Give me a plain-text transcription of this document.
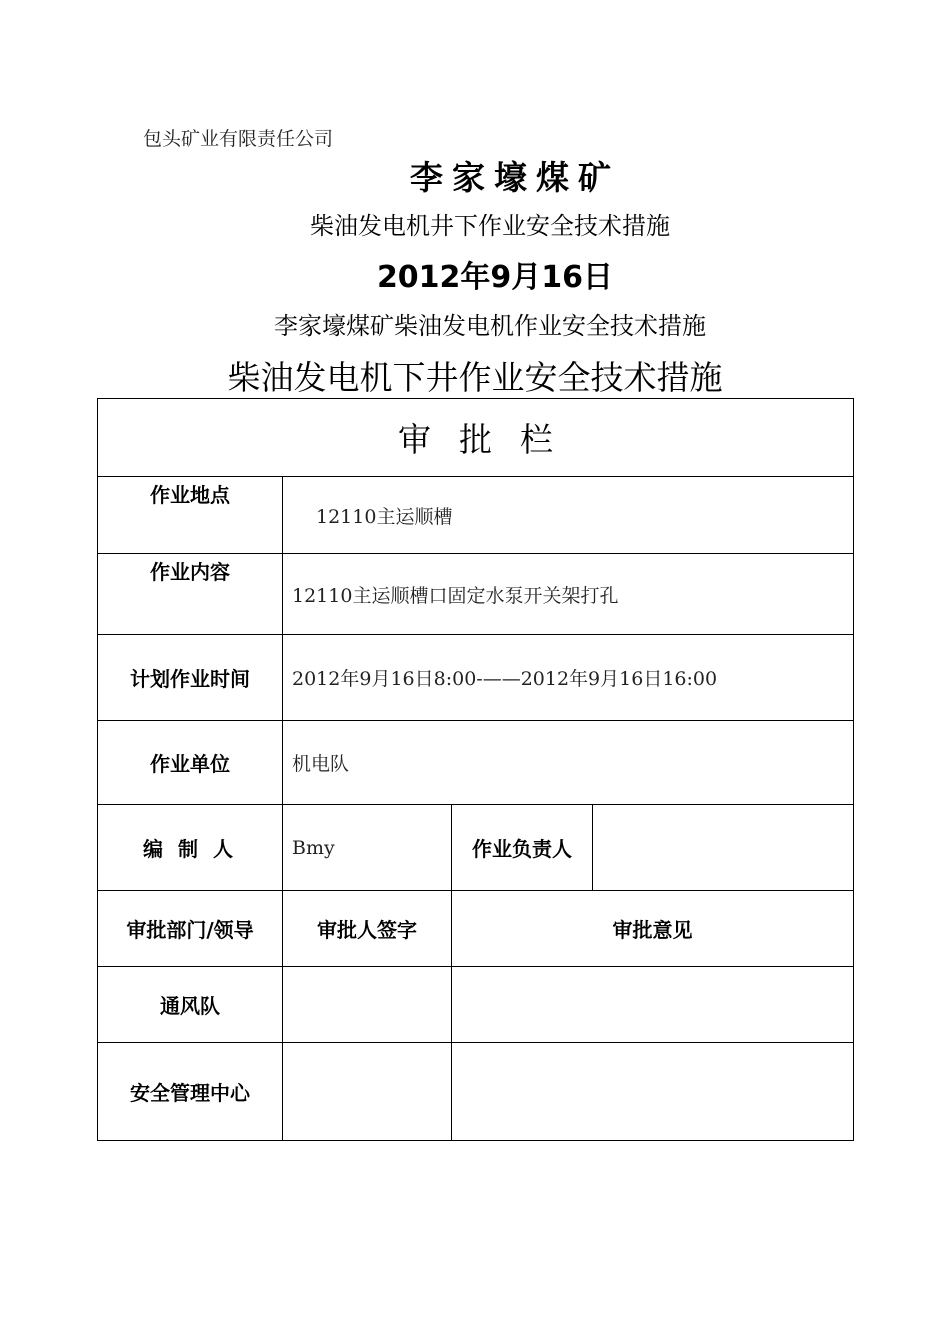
包头矿业有限责任公司
李家壕煤矿
柴油发电机井下作业安全技术措施
2012年9月16日
李家壕煤矿柴油发电机作业安全技术措施
柴油发电机下井作业安全技术措施
审批栏			
作业地点	12110主运顺槽		
作业内容	12110主运顺槽口固定水泵开关架打孔		
计划作业时间	2012年9月16日8:00-——2012年9月16日16:00		
作业单位	机电队		
编 制 人	Bmy	作业负责人	
审批部门/领导	审批人签字	审批意见	
通风队			
安全管理中心			
